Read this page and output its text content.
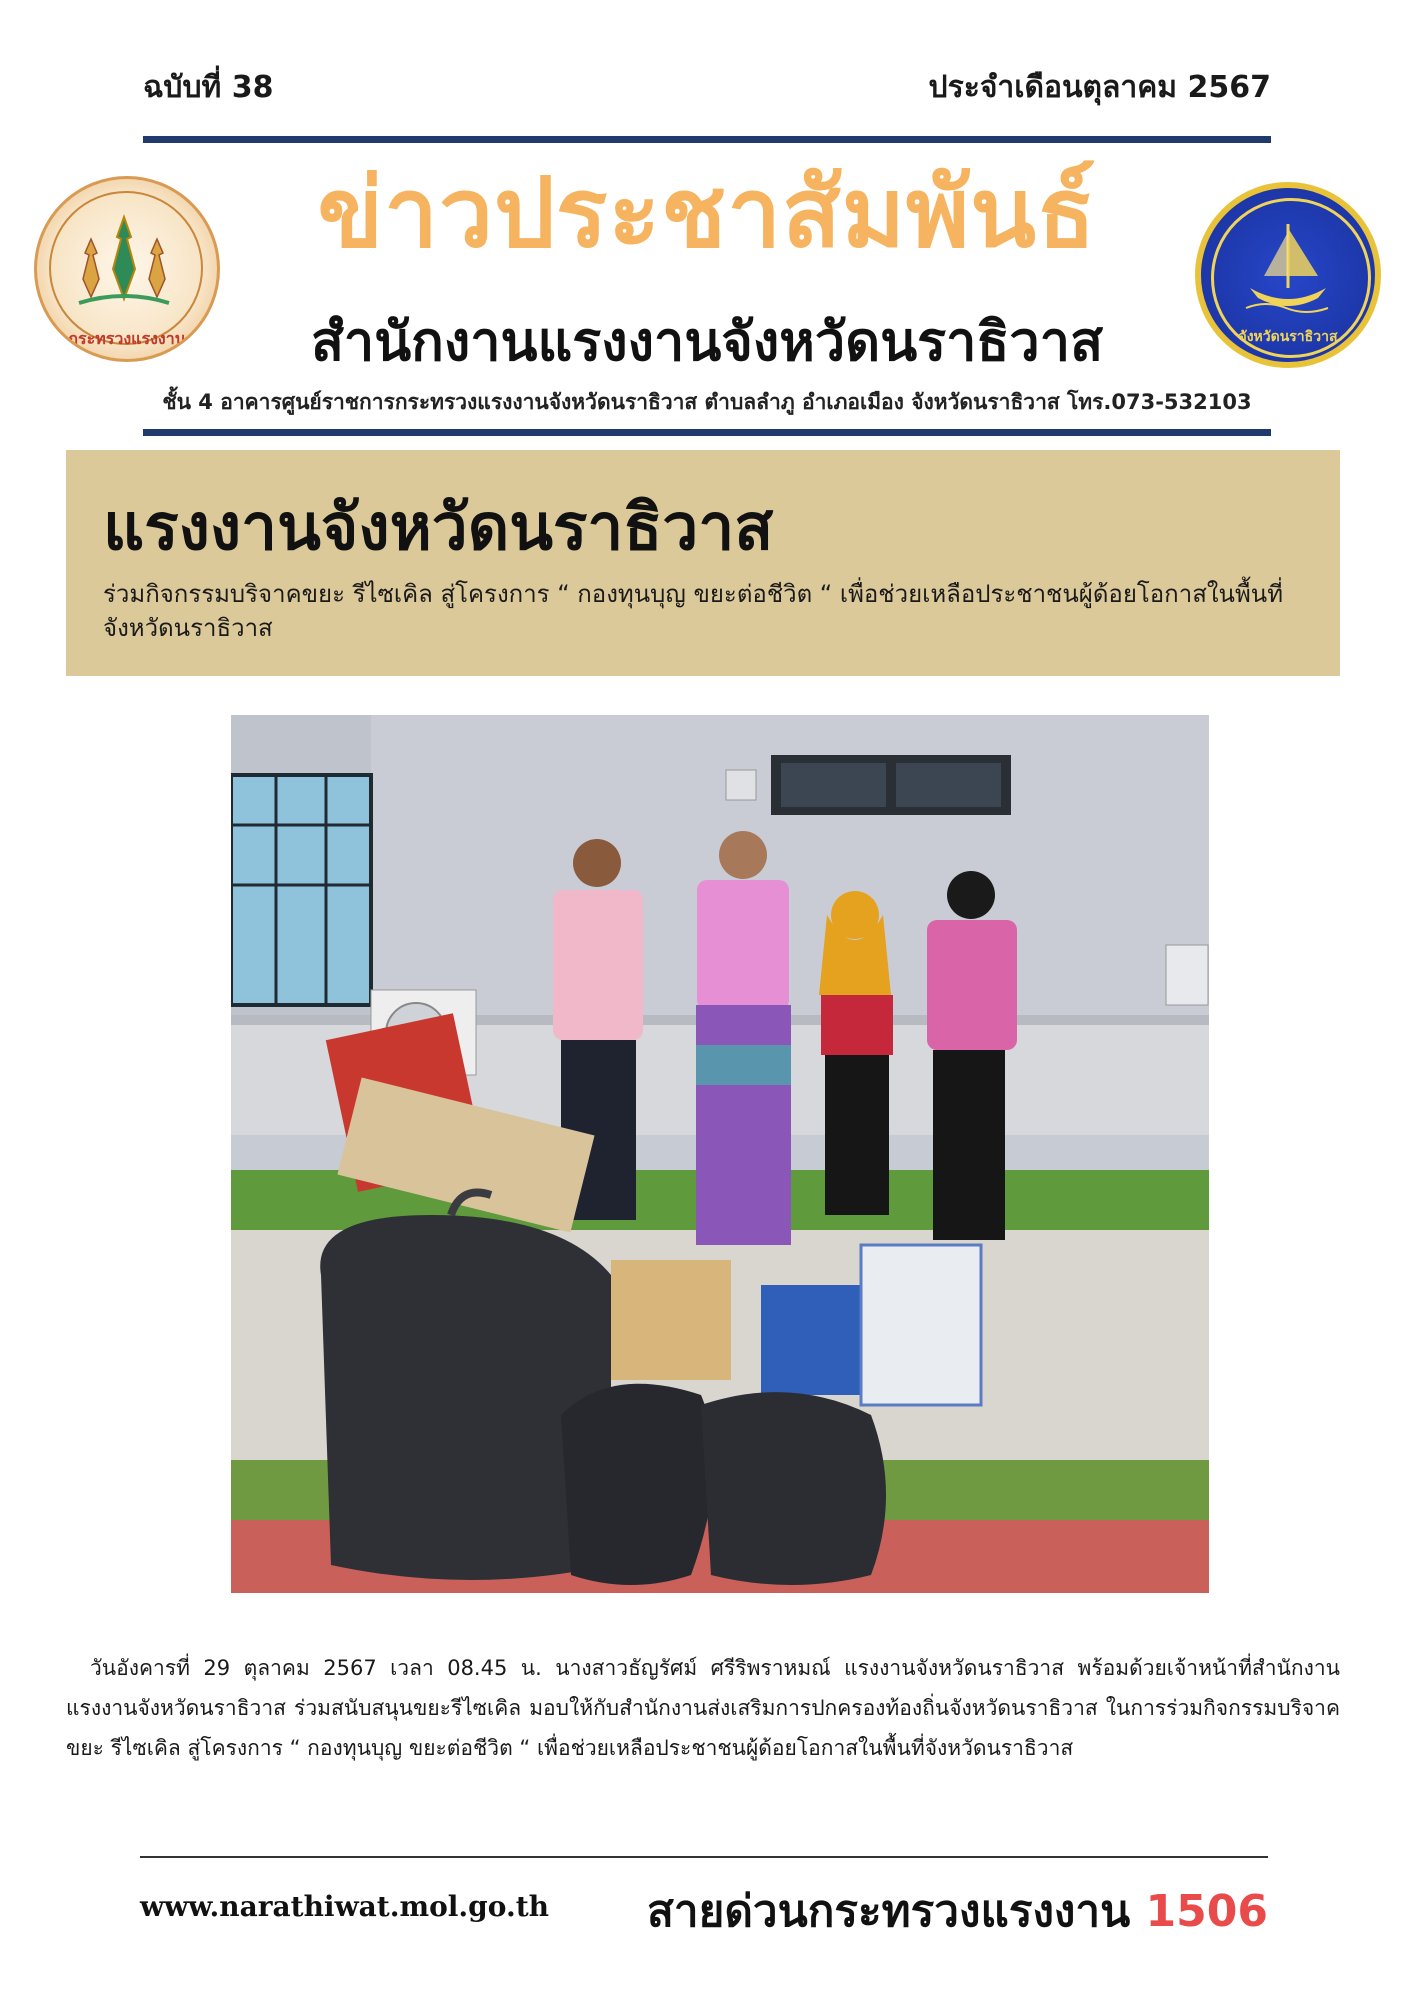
ฉบับที่ 38	ประจำเดือนตุลาคม 2567
กระทรวงแรงงาน
ข่าวประชาสัมพันธ์
สำนักงานแรงงานจังหวัดนราธิวาส	จังหวัดนราธิวาส
ชั้น 4 อาคารศูนย์ราชการกระทรวงแรงงานจังหวัดนราธิวาส ตำบลลำภู อำเภอเมือง จังหวัดนราธิวาส โทร.073-532103
แรงงานจังหวัดนราธิวาส
ร่วมกิจกรรมบริจาคขยะ รีไซเคิล สู่โครงการ “ กองทุนบุญ ขยะต่อชีวิต “ เพื่อช่วยเหลือประชาชนผู้ด้อยโอกาสในพื้นที่จังหวัดนราธิวาส
วันอังคารที่ 29 ตุลาคม 2567 เวลา 08.45 น. นางสาวธัญรัศม์ ศรีริพราหมณ์ แรงงานจังหวัดนราธิวาส พร้อมด้วยเจ้าหน้าที่สำนักงานแรงงานจังหวัดนราธิวาส ร่วมสนับสนุนขยะรีไซเคิล มอบให้กับสำนักงานส่งเสริมการปกครองท้องถิ่นจังหวัดนราธิวาส ในการร่วมกิจกรรมบริจาคขยะ รีไซเคิล สู่โครงการ “ กองทุนบุญ ขยะต่อชีวิต “ เพื่อช่วยเหลือประชาชนผู้ด้อยโอกาสในพื้นที่จังหวัดนราธิวาส
www.narathiwat.mol.go.th สายด่วนกระทรวงแรงงาน 1506
